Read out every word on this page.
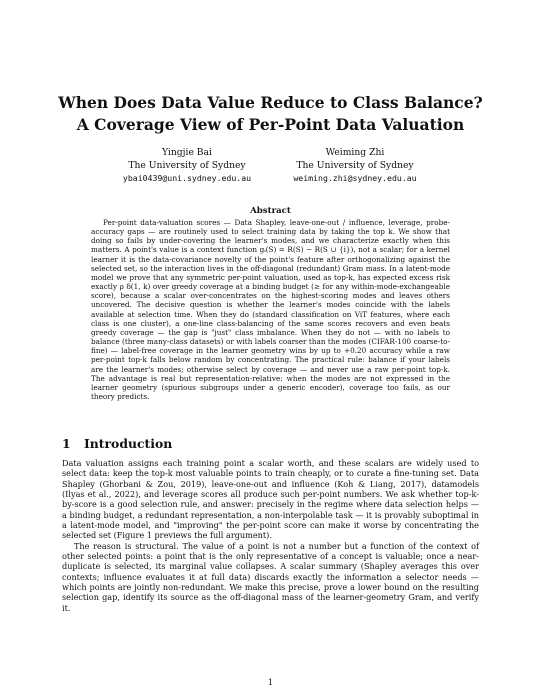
When Does Data Value Reduce to Class Balance?
A Coverage View of Per-Point Data Valuation
Yingjie Bai
The University of Sydney
ybai0439@uni.sydney.edu.au
Weiming Zhi
The University of Sydney
weiming.zhi@sydney.edu.au
Abstract

Per-point data-valuation scores — Data Shapley, leave-one-out / influence, leverage, probe-accuracy gaps — are routinely used to select training data by taking the top k. We show that doing so fails by under-covering the learner's modes, and we characterize exactly when this matters. A point's value is a context function gᵢ(S) = R(S) − R(S ∪ {i}), not a scalar; for a kernel learner it is the data-covariance novelty of the point's feature after orthogonalizing against the selected set, so the interaction lives in the off-diagonal (redundant) Gram mass. In a latent-mode model we prove that any symmetric per-point valuation, used as top-k, has expected excess risk exactly ρ δ(1, k) over greedy coverage at a binding budget (≥ for any within-mode-exchangeable score), because a scalar over-concentrates on the highest-scoring modes and leaves others uncovered. The decisive question is whether the learner's modes coincide with the labels available at selection time. When they do (standard classification on ViT features, where each class is one cluster), a one-line class-balancing of the same scores recovers and even beats greedy coverage — the gap is "just" class imbalance. When they do not — with no labels to balance (three many-class datasets) or with labels coarser than the modes (CIFAR-100 coarse-to-fine) — label-free coverage in the learner geometry wins by up to +0.20 accuracy while a raw per-point top-k falls below random by concentrating. The practical rule: balance if your labels are the learner's modes; otherwise select by coverage — and never use a raw per-point top-k. The advantage is real but representation-relative: when the modes are not expressed in the learner geometry (spurious subgroups under a generic encoder), coverage too fails, as our theory predicts.

1 Introduction

Data valuation assigns each training point a scalar worth, and these scalars are widely used to select data: keep the top-k most valuable points to train cheaply, or to curate a fine-tuning set. Data Shapley (Ghorbani & Zou, 2019), leave-one-out and influence (Koh & Liang, 2017), datamodels (Ilyas et al., 2022), and leverage scores all produce such per-point numbers. We ask whether top-k-by-score is a good selection rule, and answer: precisely in the regime where data selection helps — a binding budget, a redundant representation, a non-interpolable task — it is provably suboptimal in a latent-mode model, and "improving" the per-point score can make it worse by concentrating the selected set (Figure 1 previews the full argument).

The reason is structural. The value of a point is not a number but a function of the context of other selected points: a point that is the only representative of a concept is valuable; once a near-duplicate is selected, its marginal value collapses. A scalar summary (Shapley averages this over contexts; influence evaluates it at full data) discards exactly the information a selector needs — which points are jointly non-redundant. We make this precise, prove a lower bound on the resulting selection gap, identify its source as the off-diagonal mass of the learner-geometry Gram, and verify it.

1
